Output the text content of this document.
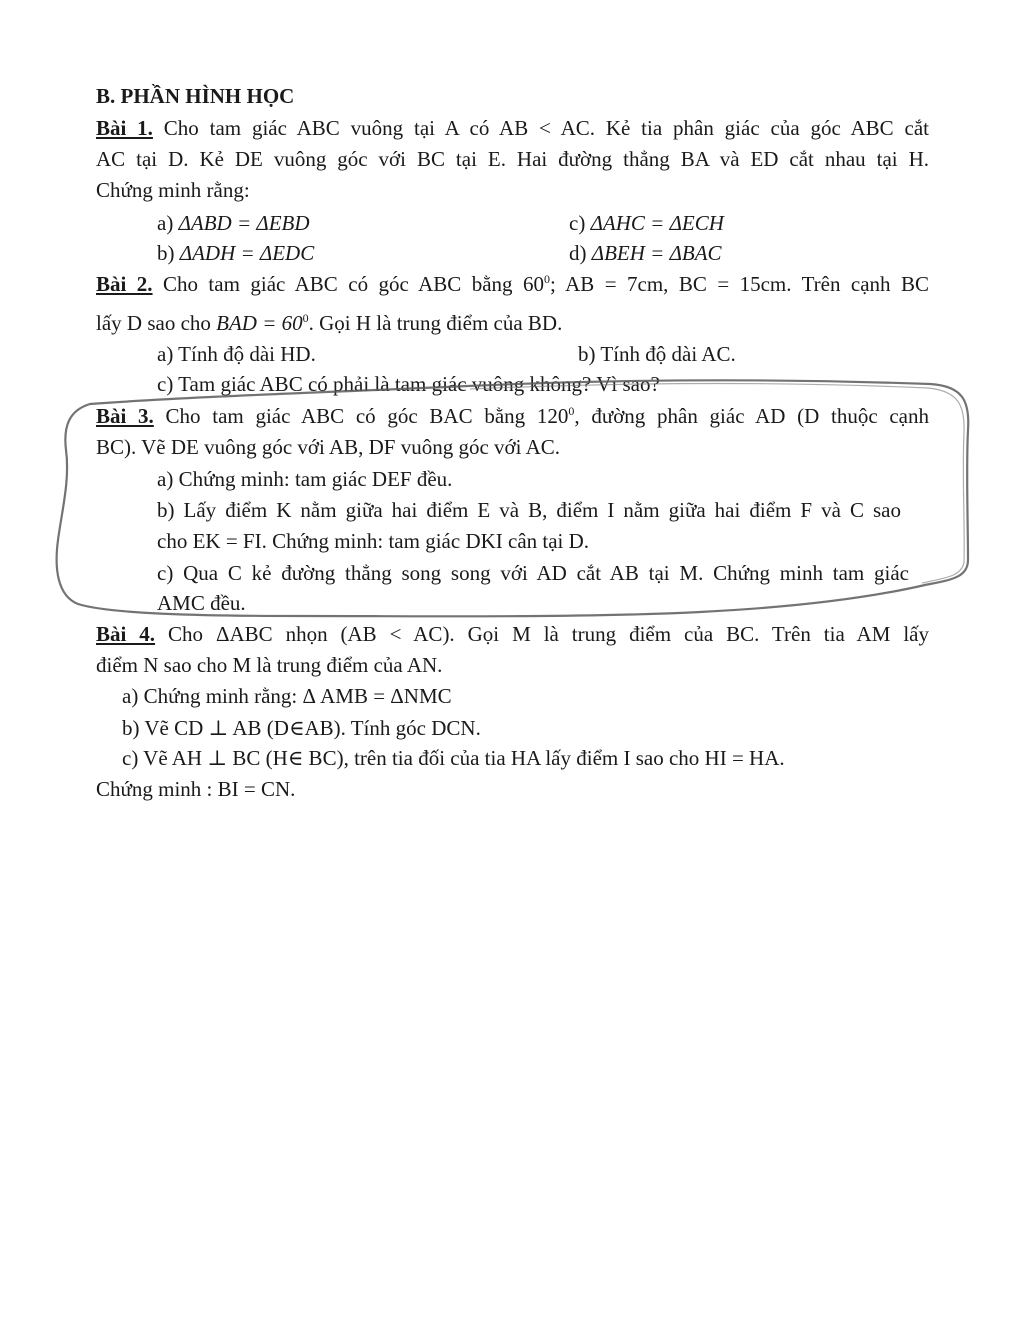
B. PHẦN HÌNH HỌC
Bài 1. Cho tam giác ABC vuông tại A có AB < AC. Kẻ tia phân giác của góc ABC cắt
AC tại D. Kẻ DE vuông góc với BC tại E. Hai đường thẳng BA và ED cắt nhau tại H.
Chứng minh rằng:
a) ΔABD = ΔEBD	c) ΔAHC = ΔECH
b) ΔADH = ΔEDC	d) ΔBEH = ΔBAC
Bài 2. Cho tam giác ABC có góc ABC bằng $60^0$; AB = 7cm, BC = 15cm. Trên cạnh BC
lấy D sao cho BAD = $60^0$. Gọi H là trung điểm của BD.
a) Tính độ dài HD.	b) Tính độ dài AC.
c) Tam giác ABC có phải là tam giác vuông không? Vì sao?
Bài 3. Cho tam giác ABC có góc BAC bằng $120^0$, đường phân giác AD (D thuộc cạnh
BC). Vẽ DE vuông góc với AB, DF vuông góc với AC.
a) Chứng minh: tam giác DEF đều.
b) Lấy điểm K nằm giữa hai điểm E và B, điểm I nằm giữa hai điểm F và C sao
cho EK = FI. Chứng minh: tam giác DKI cân tại D.
c) Qua C kẻ đường thẳng song song với AD cắt AB tại M. Chứng minh tam giác
AMC đều.
Bài 4. Cho ΔABC nhọn (AB < AC). Gọi M là trung điểm của BC. Trên tia AM lấy
điểm N sao cho M là trung điểm của AN.
a) Chứng minh rằng: Δ AMB = ΔNMC
b) Vẽ CD ⊥ AB (D∈AB). Tính góc DCN.
c) Vẽ AH ⊥ BC (H∈ BC), trên tia đối của tia HA lấy điểm I sao cho HI = HA.
Chứng minh : BI = CN.
